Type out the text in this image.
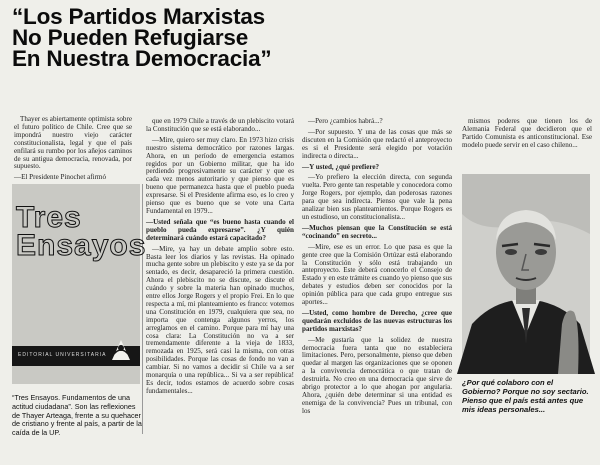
“Los Partidos Marxistas
No Pueden Refugiarse
En Nuestra Democracia”

Thayer es abiertamente optimista sobre el futuro político de Chile. Cree que se impondrá nuestro viejo carácter constitucionalista, legal y que el país enfilará su rumbo por los añejos caminos de su antigua democracia, renovada, por supuesto.

—El Presidente Pinochet afirmó

Tres
Ensayos
EDITORIAL UNIVERSITARIA
“Tres Ensayos. Fundamentos de una actitud ciudadana”. Son las reflexiones de Thayer Arteaga, frente a su quehacer de cristiano y frente al país, a partir de la caída de la UP.

que en 1979 Chile a través de un plebiscito votará la Constitución que se está elaborando...

—Mire, quiero ser muy claro. En 1973 hizo crisis nuestro sistema democrático por razones largas. Ahora, en un período de emergencia estamos regidos por un Gobierno militar, que ha ido perdiendo progresivamente su carácter y que es cada vez menos autoritario y que pienso que es bueno que permanezca hasta que el pueblo pueda expresarse. Si el Presidente afirma eso, es lo creo y pienso que es bueno que se vote una Carta Fundamental en 1979...

—Usted señala que “es bueno hasta cuando el pueblo pueda expresarse”. ¿Y quién determinará cuándo estará capacitado?

—Mire, ya hay un debate amplio sobre esto. Basta leer los diarios y las revistas. Ha opinado mucha gente sobre un plebiscito y este ya se da por sentado, es decir, desapareció la primera cuestión. Ahora el plebiscito no se discute, se discute el cuándo y sobre la materia han opinado muchos, entre ellos Jorge Rogers y el propio Frei. En lo que respecta a mí, mi planteamiento es franco: votemos una Constitución en 1979, cualquiera que sea, no importa que contenga algunos yerros, los arreglamos en el camino. Porque para mí hay una cosa clara: La Constitución no va a ser tremendamente diferente a la vieja de 1833, remozada en 1925, será casi la misma, con otras posibilidades. Porque las cosas de fondo no van a cambiar. Si no vamos a decidir si Chile va a ser monarquía o una república... Si va a ser república! Es decir, todos estamos de acuerdo sobre cosas fundamentales...

—Pero ¿cambios habrá...?

—Por supuesto. Y una de las cosas que más se discuten en la Comisión que redactó el anteproyecto es si el Presidente será elegido por votación indirecta o directa...

—Y usted, ¿qué prefiere?

—Yo prefiero la elección directa, con segunda vuelta. Pero gente tan respetable y conocedora como Jorge Rogers, por ejemplo, dan poderosas razones para que sea indirecta. Pienso que vale la pena analizar bien sus planteamientos. Porque Rogers es un estudioso, un constitucionalista...

—Muchos piensan que la Constitución se está “cocinando” en secreto...

—Mire, ese es un error. Lo que pasa es que la gente cree que la Comisión Ortúzar está elaborando la Constitución y sólo está trabajando un anteproyecto. Este deberá conocerlo el Consejo de Estado y en este trámite es cuando yo pienso que sus debates y estudios deben ser conocidos por la opinión pública para que cada grupo entregue sus aportes...

—Usted, como hombre de Derecho, ¿cree que quedarán excluidos de las nuevas estructuras los partidos marxistas?

—Me gustaría que la solidez de nuestra democracia fuera tanta que no estableciera limitaciones. Pero, personalmente, pienso que deben quedar al margen las organizaciones que se oponen a la convivencia democrática o que tratan de destruirla. No creo en una democracia que sirve de abrigo protector a lo que ahogan por angularia. Ahora, ¿quién debe determinar si una entidad es enemiga de la convivencia? Pues un tribunal, con los

mismos poderes que tienen los de Alemania Federal que decidieron que el Partido Comunista es anticonstitucional. Ese modelo puede servir en el caso chileno...

¿Por qué colaboro con el Gobierno? Porque no soy sectario. Pienso que el país está antes que mis ideas personales...
